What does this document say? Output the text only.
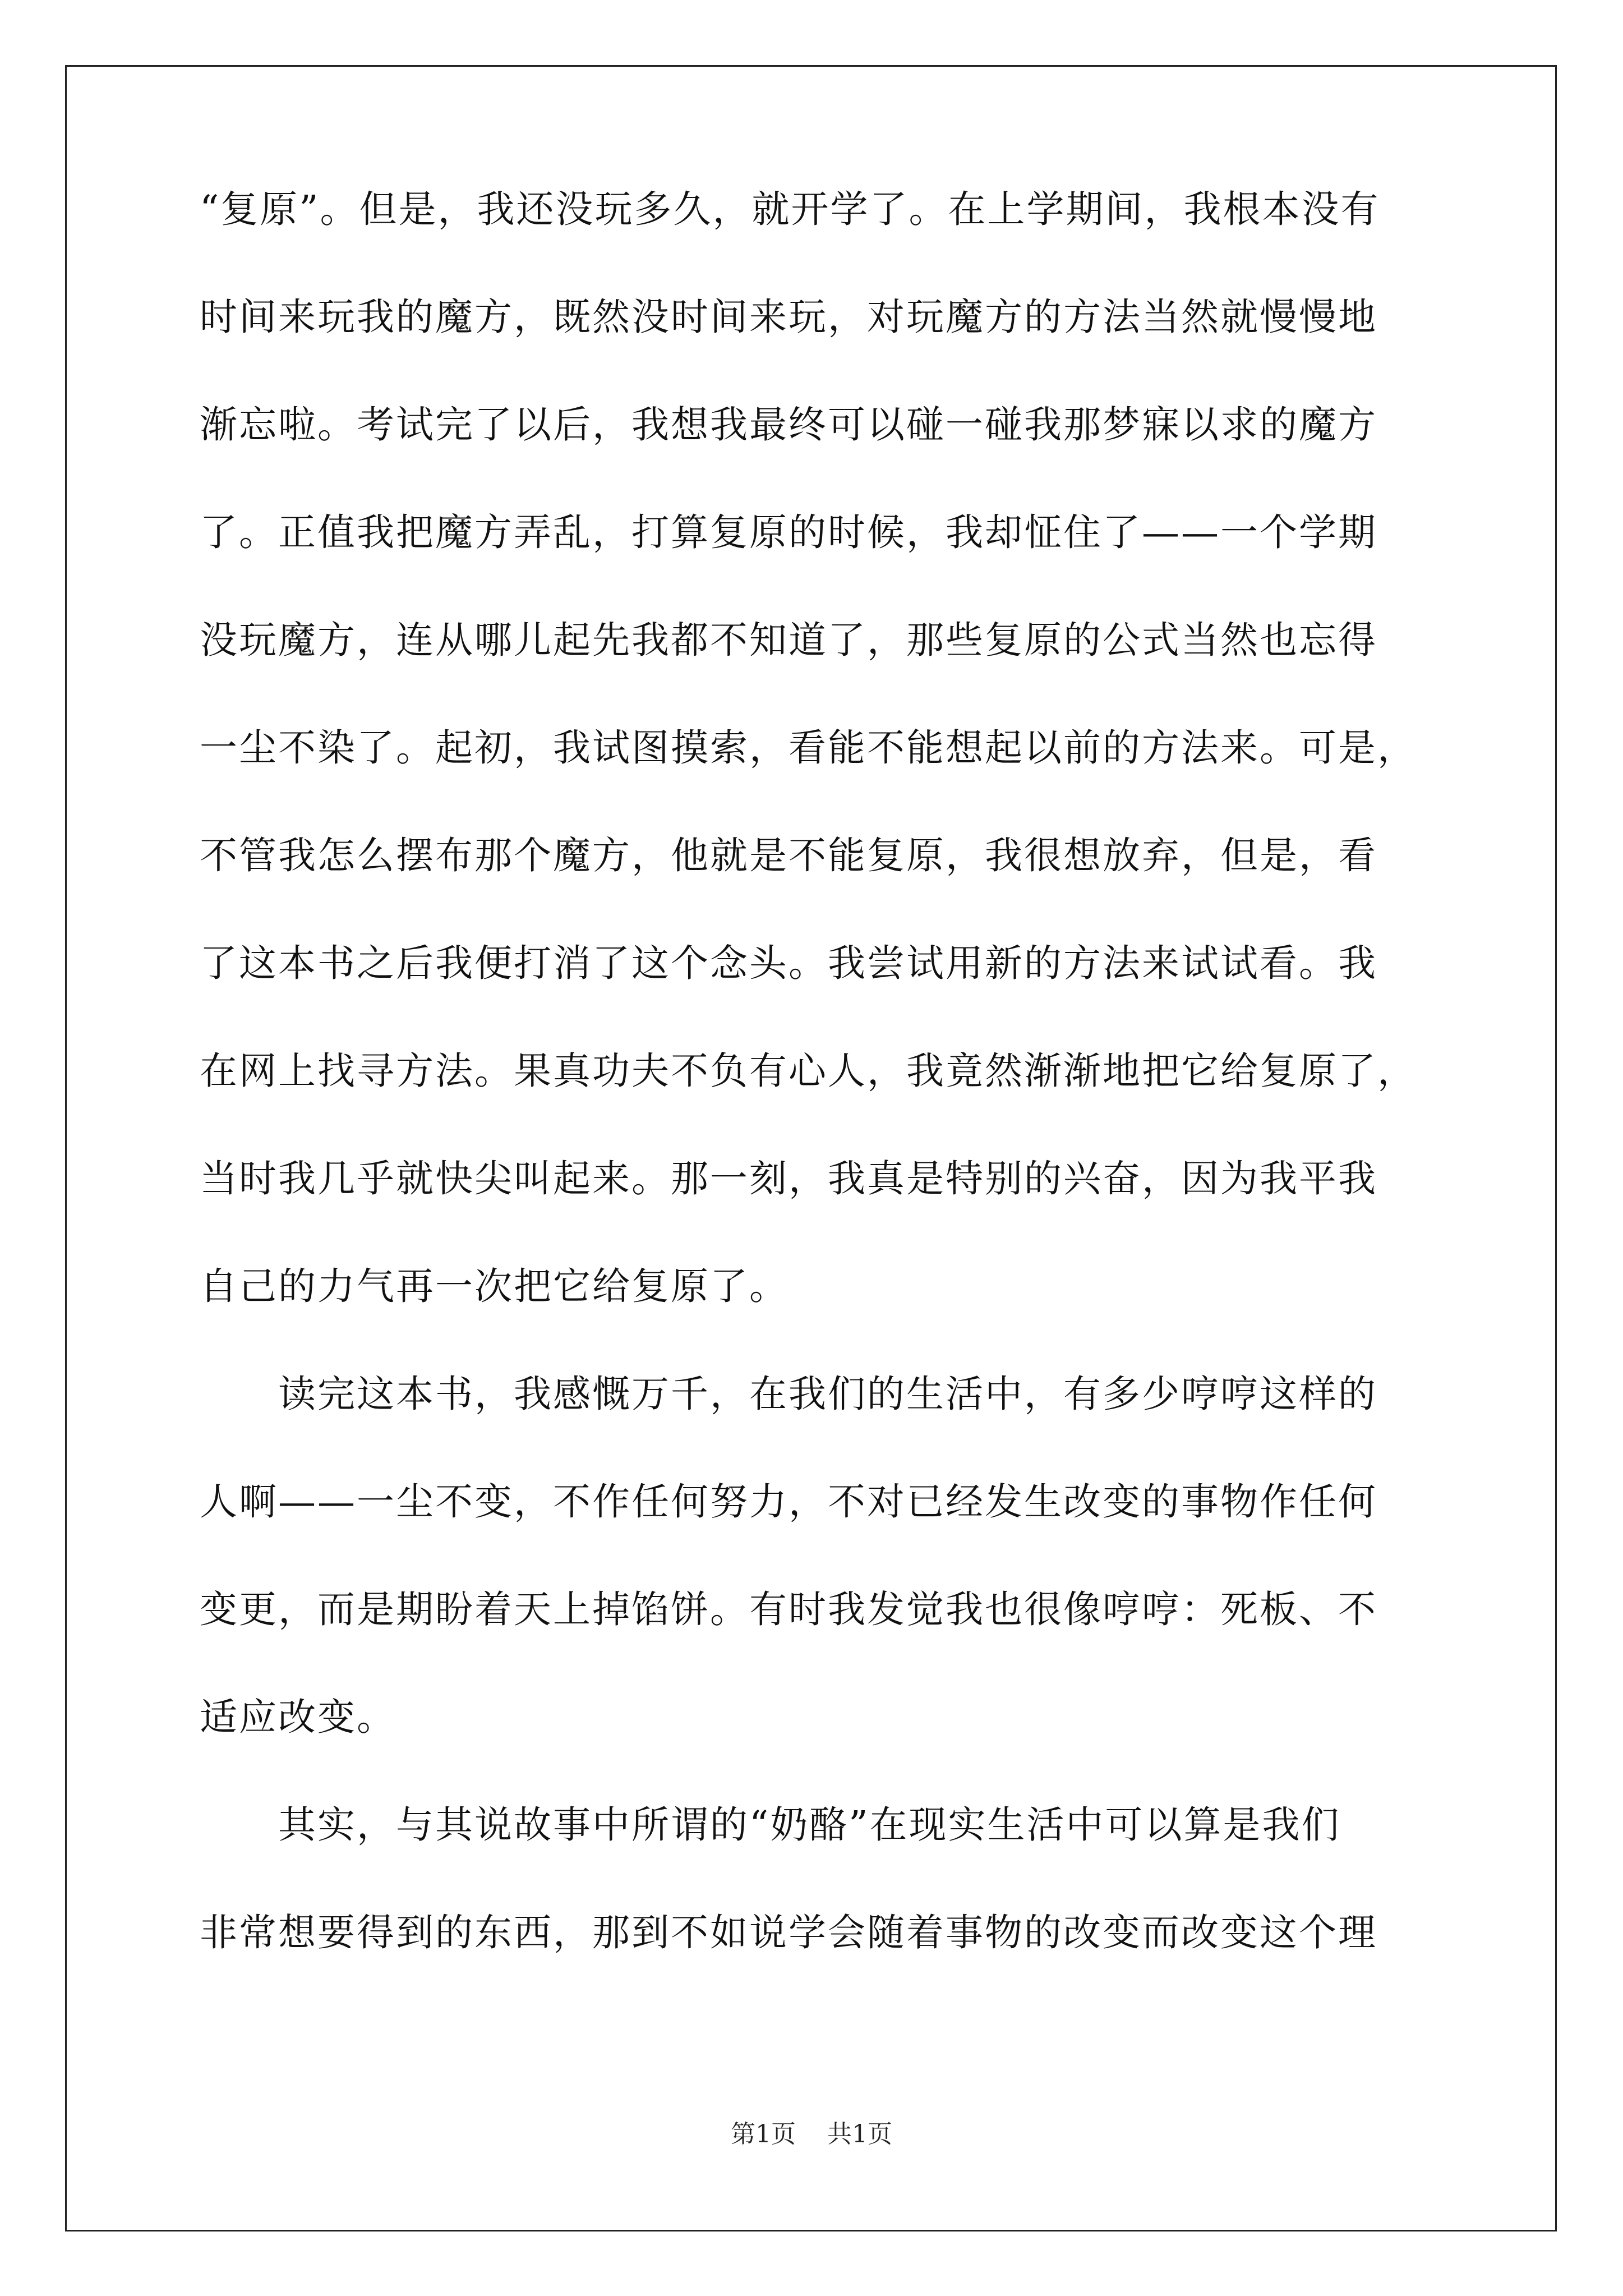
“复原”。但是，我还没玩多久，就开学了。在上学期间，我根本没有
时间来玩我的魔方，既然没时间来玩，对玩魔方的方法当然就慢慢地
渐忘啦。考试完了以后，我想我最终可以碰一碰我那梦寐以求的魔方
了。正值我把魔方弄乱，打算复原的时候，我却怔住了——一个学期
没玩魔方，连从哪儿起先我都不知道了，那些复原的公式当然也忘得
一尘不染了。起初，我试图摸索，看能不能想起以前的方法来。可是，
不管我怎么摆布那个魔方，他就是不能复原，我很想放弃，但是，看
了这本书之后我便打消了这个念头。我尝试用新的方法来试试看。我
在网上找寻方法。果真功夫不负有心人，我竟然渐渐地把它给复原了，
当时我几乎就快尖叫起来。那一刻，我真是特别的兴奋，因为我平我
自己的力气再一次把它给复原了。
读完这本书，我感慨万千，在我们的生活中，有多少哼哼这样的
人啊——一尘不变，不作任何努力，不对已经发生改变的事物作任何
变更，而是期盼着天上掉馅饼。有时我发觉我也很像哼哼：死板、不
适应改变。
其实，与其说故事中所谓的“奶酪”在现实生活中可以算是我们
非常想要得到的东西，那到不如说学会随着事物的改变而改变这个理
第1页 共1页
